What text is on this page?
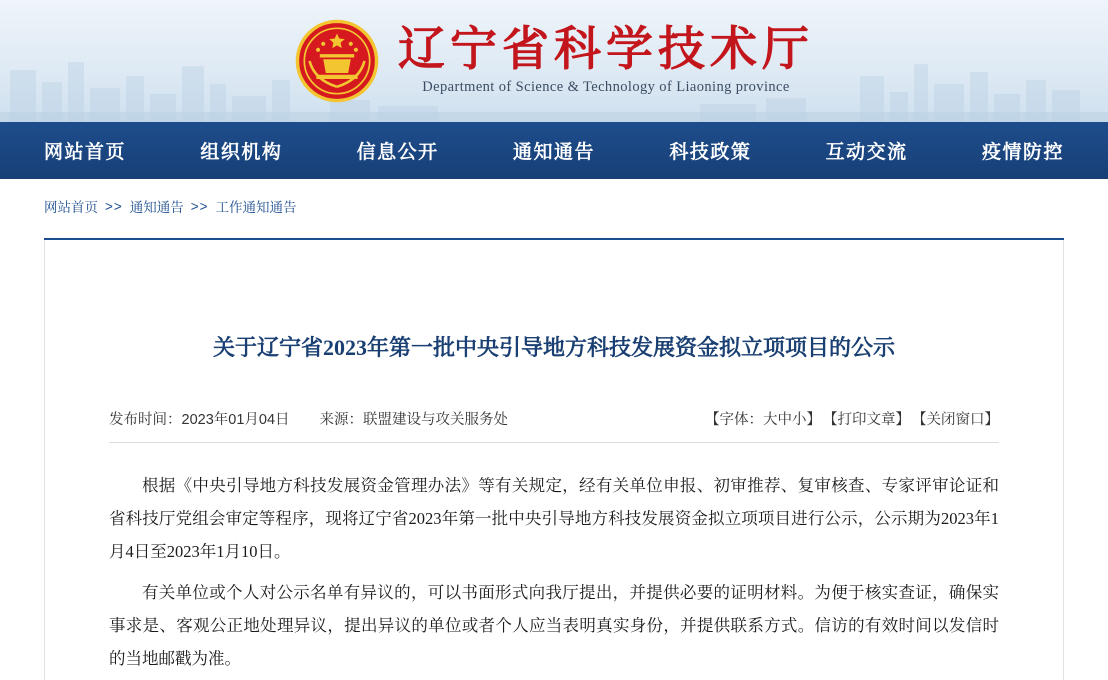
辽宁省科学技术厅
Department of Science & Technology of Liaoning province
网站首页	组织机构	信息公开	通知通告	科技政策	互动交流	疫情防控
网站首页 >> 通知通告 >> 工作通知通告
关于辽宁省2023年第一批中央引导地方科技发展资金拟立项项目的公示
发布时间：2023年01月04日 来源：联盟建设与攻关服务处	【字体：大中小】 【打印文章】 【关闭窗口】

根据《中央引导地方科技发展资金管理办法》等有关规定，经有关单位申报、初审推荐、复审核查、专家评审论证和省科技厅党组会审定等程序，现将辽宁省2023年第一批中央引导地方科技发展资金拟立项项目进行公示，公示期为2023年1月4日至2023年1月10日。

有关单位或个人对公示名单有异议的，可以书面形式向我厅提出，并提供必要的证明材料。为便于核实查证，确保实事求是、客观公正地处理异议，提出异议的单位或者个人应当表明真实身份，并提供联系方式。信访的有效时间以发信时的当地邮戳为准。
